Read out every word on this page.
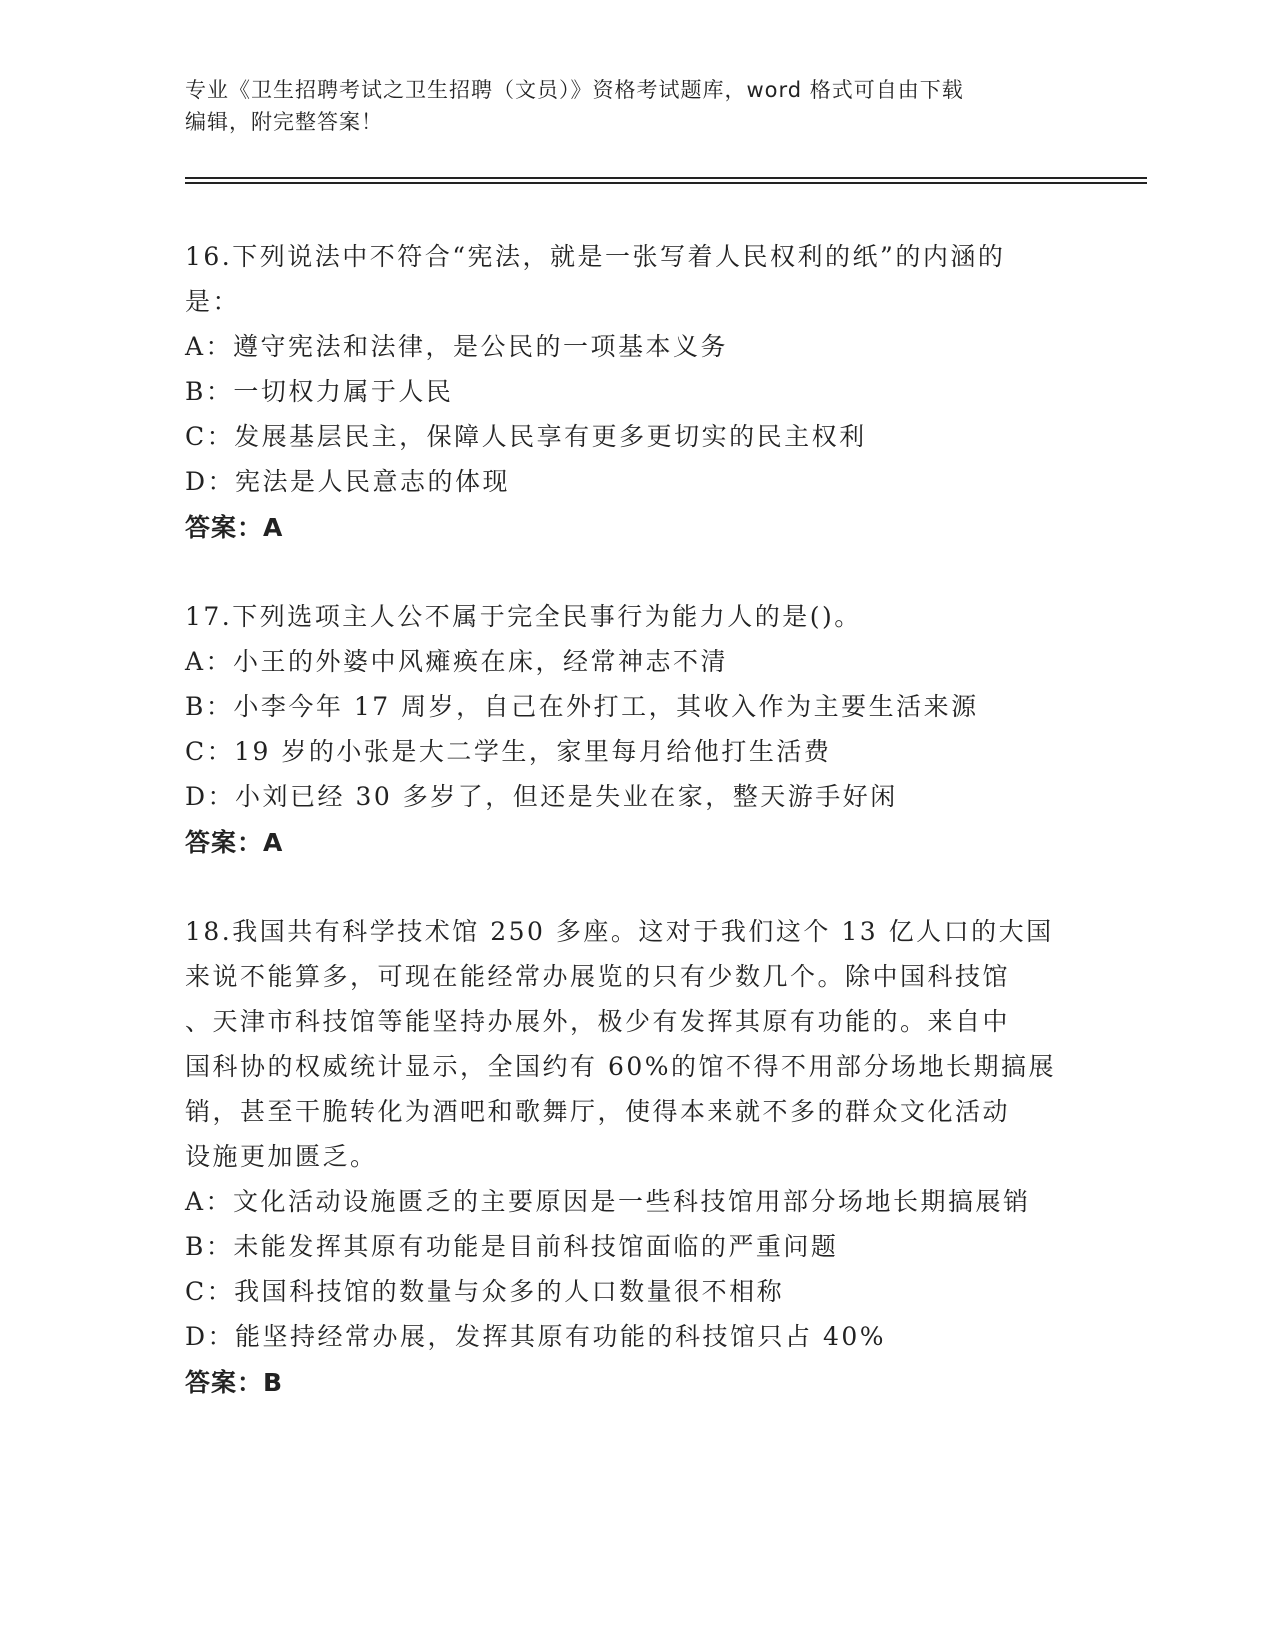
专业《卫生招聘考试之卫生招聘（文员）》资格考试题库，word 格式可自由下载
编辑，附完整答案！
16.下列说法中不符合“宪法，就是一张写着人民权利的纸”的内涵的
是：
A：遵守宪法和法律，是公民的一项基本义务
B：一切权力属于人民
C：发展基层民主，保障人民享有更多更切实的民主权利
D：宪法是人民意志的体现
答案：A
17.下列选项主人公不属于完全民事行为能力人的是()。
A：小王的外婆中风瘫痪在床，经常神志不清
B：小李今年 17 周岁，自己在外打工，其收入作为主要生活来源
C：19 岁的小张是大二学生，家里每月给他打生活费
D：小刘已经 30 多岁了，但还是失业在家，整天游手好闲
答案：A
18.我国共有科学技术馆 250 多座。这对于我们这个 13 亿人口的大国
来说不能算多，可现在能经常办展览的只有少数几个。除中国科技馆
、天津市科技馆等能坚持办展外，极少有发挥其原有功能的。来自中
国科协的权威统计显示，全国约有 60%的馆不得不用部分场地长期搞展
销，甚至干脆转化为酒吧和歌舞厅，使得本来就不多的群众文化活动
设施更加匮乏。
A：文化活动设施匮乏的主要原因是一些科技馆用部分场地长期搞展销
B：未能发挥其原有功能是目前科技馆面临的严重问题
C：我国科技馆的数量与众多的人口数量很不相称
D：能坚持经常办展，发挥其原有功能的科技馆只占 40%
答案：B
